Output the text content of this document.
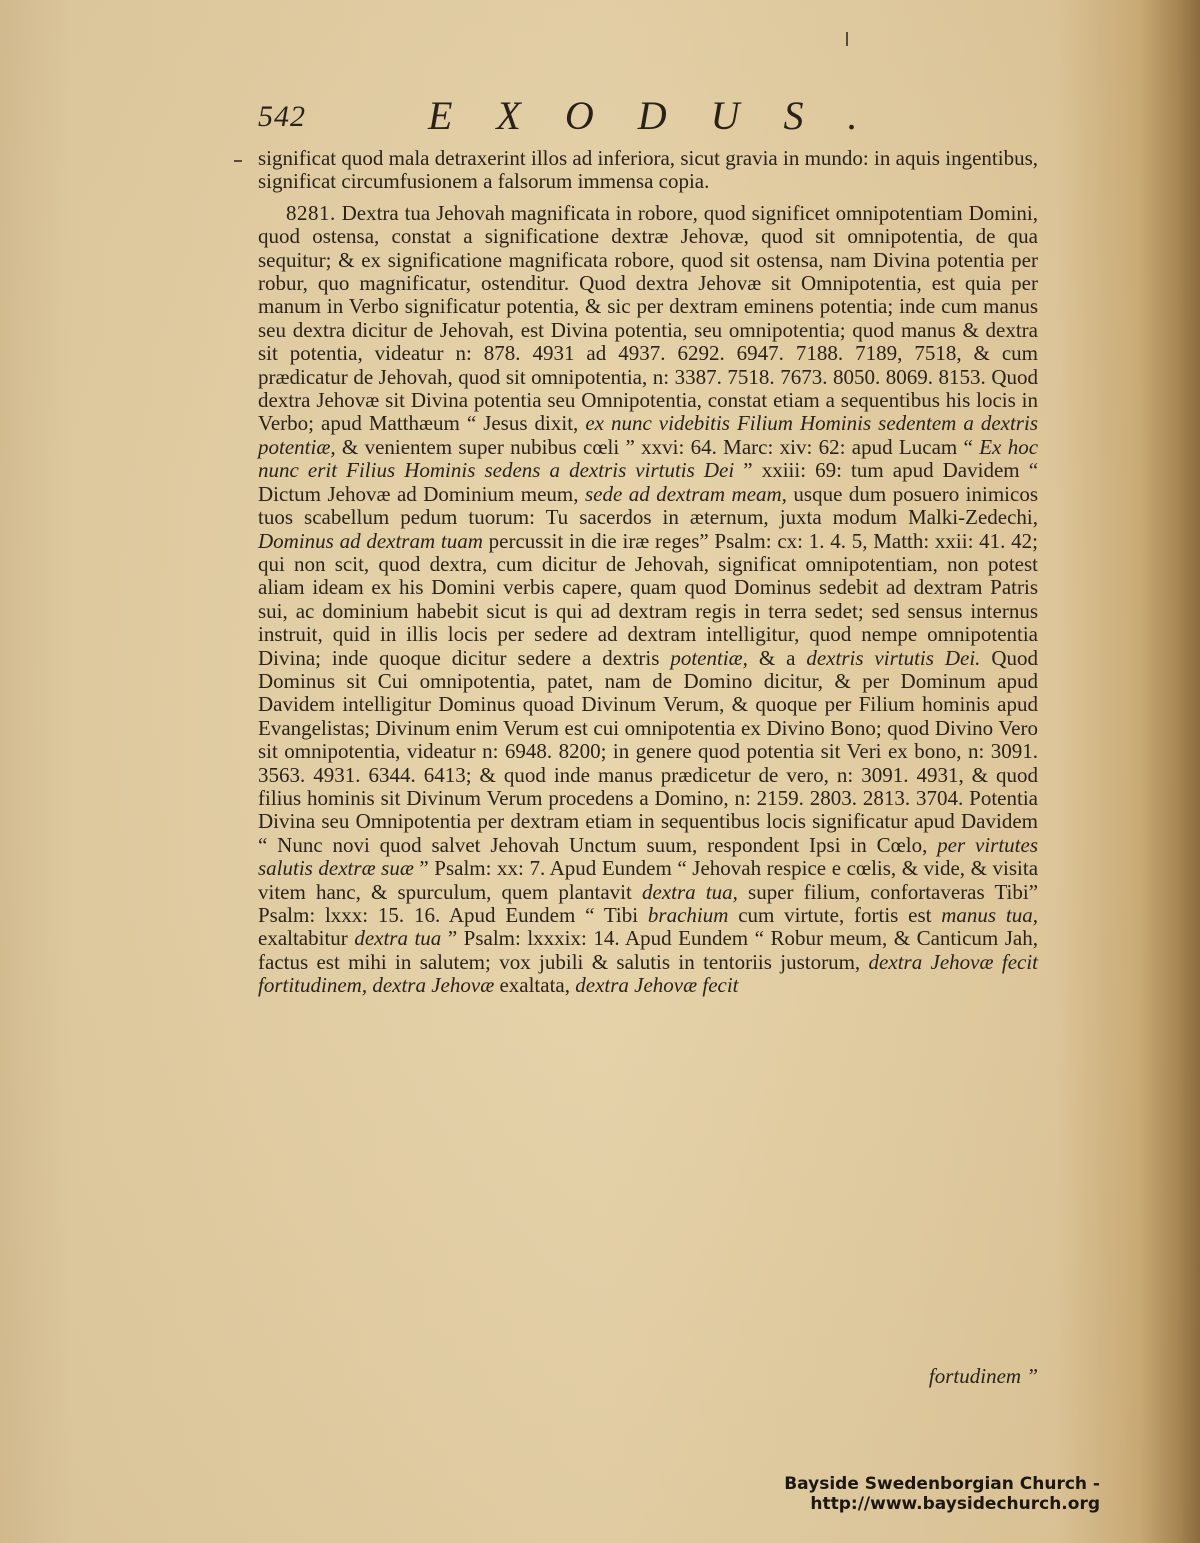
542	EXODUS.

significat quod mala detraxerint illos ad inferiora, sicut gravia in mundo: in aquis ingentibus, significat circumfusionem a falsorum immensa copia.

8281. Dextra tua Jehovah magnificata in robore, quod significet omnipotentiam Domini, quod ostensa, constat a significatione dextræ Jehovæ, quod sit omnipotentia, de qua sequitur; & ex significatione magnificata robore, quod sit ostensa, nam Divina potentia per robur, quo magnificatur, ostenditur. Quod dextra Jehovæ sit Omnipotentia, est quia per manum in Verbo significatur potentia, & sic per dextram eminens potentia; inde cum manus seu dextra dicitur de Jehovah, est Divina potentia, seu omnipotentia; quod manus & dextra sit potentia, videatur n: 878. 4931 ad 4937. 6292. 6947. 7188. 7189, 7518, & cum prædicatur de Jehovah, quod sit omnipotentia, n: 3387. 7518. 7673. 8050. 8069. 8153. Quod dextra Jehovæ sit Divina potentia seu Omnipotentia, constat etiam a sequentibus his locis in Verbo; apud Matthæum “ Jesus dixit, ex nunc videbitis Filium Hominis sedentem a dextris potentiæ, & venientem super nubibus cœli ” xxvi: 64. Marc: xiv: 62: apud Lucam “ Ex hoc nunc erit Filius Hominis sedens a dextris virtutis Dei ” xxiii: 69: tum apud Davidem “ Dictum Jehovæ ad Dominium meum, sede ad dextram meam, usque dum posuero inimicos tuos scabellum pedum tuorum: Tu sacerdos in æternum, juxta modum Malki-Zedechi, Dominus ad dextram tuam percussit in die iræ reges” Psalm: cx: 1. 4. 5, Matth: xxii: 41. 42; qui non scit, quod dextra, cum dicitur de Jehovah, significat omnipotentiam, non potest aliam ideam ex his Domini verbis capere, quam quod Dominus sedebit ad dextram Patris sui, ac dominium habebit sicut is qui ad dextram regis in terra sedet; sed sensus internus instruit, quid in illis locis per sedere ad dextram intelligitur, quod nempe omnipotentia Divina; inde quoque dicitur sedere a dextris potentiæ, & a dextris virtutis Dei. Quod Dominus sit Cui omnipotentia, patet, nam de Domino dicitur, & per Dominum apud Davidem intelligitur Dominus quoad Divinum Verum, & quoque per Filium hominis apud Evangelistas; Divinum enim Verum est cui omnipotentia ex Divino Bono; quod Divino Vero sit omnipotentia, videatur n: 6948. 8200; in genere quod potentia sit Veri ex bono, n: 3091. 3563. 4931. 6344. 6413; & quod inde manus prædicetur de vero, n: 3091. 4931, & quod filius hominis sit Divinum Verum procedens a Domino, n: 2159. 2803. 2813. 3704. Potentia Divina seu Omnipotentia per dextram etiam in sequentibus locis significatur apud Davidem “ Nunc novi quod salvet Jehovah Unctum suum, respondent Ipsi in Cœlo, per virtutes salutis dextræ suæ ” Psalm: xx: 7. Apud Eundem “ Jehovah respice e cœlis, & vide, & visita vitem hanc, & spurculum, quem plantavit dextra tua, super filium, confortaveras Tibi” Psalm: lxxx: 15. 16. Apud Eundem “ Tibi brachium cum virtute, fortis est manus tua, exaltabitur dextra tua ” Psalm: lxxxix: 14. Apud Eundem “ Robur meum, & Canticum Jah, factus est mihi in salutem; vox jubili & salutis in tentoriis justorum, dextra Jehovæ fecit fortitudinem, dextra Jehovæ exaltata, dextra Jehovæ fecit

fortudinem ”
Bayside Swedenborgian Church - http://www.baysidechurch.org
